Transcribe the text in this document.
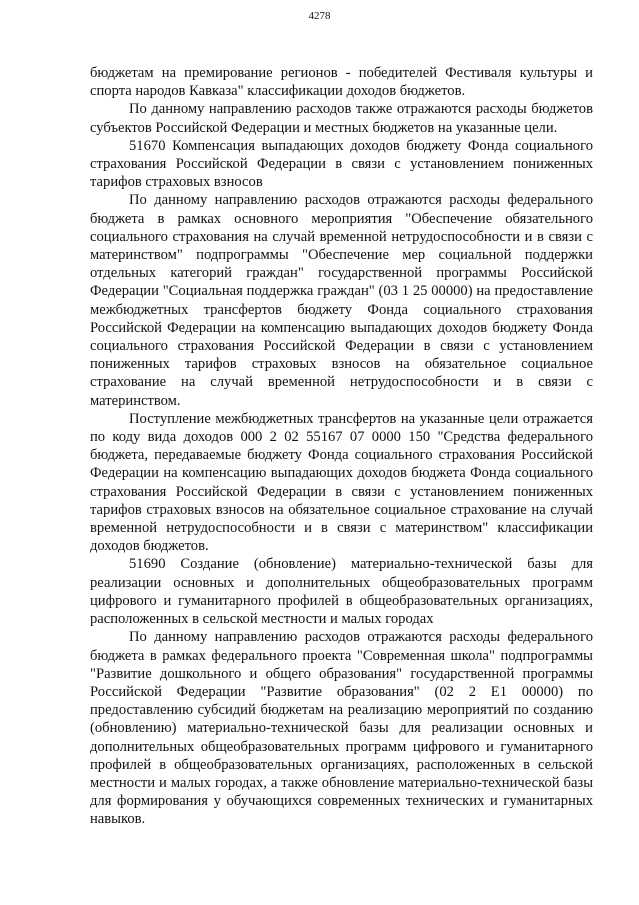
4278

бюджетам на премирование регионов - победителей Фестиваля культуры и спорта народов Кавказа" классификации доходов бюджетов.

По данному направлению расходов также отражаются расходы бюджетов субъектов Российской Федерации и местных бюджетов на указанные цели.

51670 Компенсация выпадающих доходов бюджету Фонда социального страхования Российской Федерации в связи с установлением пониженных тарифов страховых взносов

По данному направлению расходов отражаются расходы федерального бюджета в рамках основного мероприятия "Обеспечение обязательного социального страхования на случай временной нетрудоспособности и в связи с материнством" подпрограммы "Обеспечение мер социальной поддержки отдельных категорий граждан" государственной программы Российской Федерации "Социальная поддержка граждан" (03 1 25 00000) на предоставление межбюджетных трансфертов бюджету Фонда социального страхования Российской Федерации на компенсацию выпадающих доходов бюджету Фонда социального страхования Российской Федерации в связи с установлением пониженных тарифов страховых взносов на обязательное социальное страхование на случай временной нетрудоспособности и в связи с материнством.

Поступление межбюджетных трансфертов на указанные цели отражается по коду вида доходов 000 2 02 55167 07 0000 150 "Средства федерального бюджета, передаваемые бюджету Фонда социального страхования Российской Федерации на компенсацию выпадающих доходов бюджета Фонда социального страхования Российской Федерации в связи с установлением пониженных тарифов страховых взносов на обязательное социальное страхование на случай временной нетрудоспособности и в связи с материнством" классификации доходов бюджетов.

51690 Создание (обновление) материально-технической базы для реализации основных и дополнительных общеобразовательных программ цифрового и гуманитарного профилей в общеобразовательных организациях, расположенных в сельской местности и малых городах

По данному направлению расходов отражаются расходы федерального бюджета в рамках федерального проекта "Современная школа" подпрограммы "Развитие дошкольного и общего образования" государственной программы Российской Федерации "Развитие образования" (02 2 E1 00000) по предоставлению субсидий бюджетам на реализацию мероприятий по созданию (обновлению) материально-технической базы для реализации основных и дополнительных общеобразовательных программ цифрового и гуманитарного профилей в общеобразовательных организациях, расположенных в сельской местности и малых городах, а также обновление материально-технической базы для формирования у обучающихся современных технических и гуманитарных навыков.
